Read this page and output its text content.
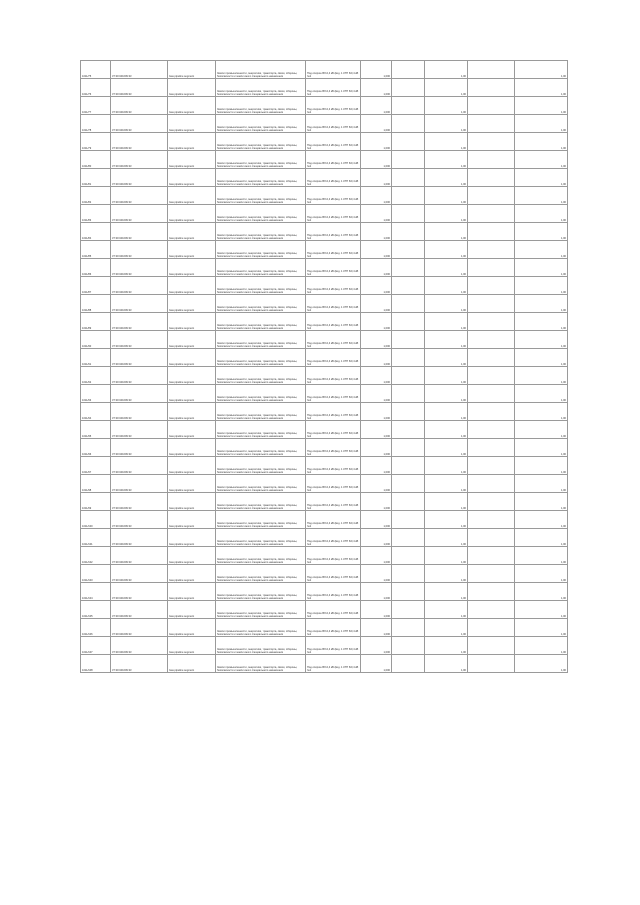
1011/75	37:30:041609:33	Gas pipeline segment	Земли промышленности, энергетики, транспорта, связи, обороны, безопасности и земли иного специального назначения	Под опорою ВЛ-0,4 кВ фид. 1 КТП 6/0,4 кВ №1	1,000		1,00		1,00
1011/76	37:30:041609:33	Gas pipeline segment	Земли промышленности, энергетики, транспорта, связи, обороны, безопасности и земли иного специального назначения	Под опорою ВЛ-0,4 кВ фид. 1 КТП 6/0,4 кВ №1	1,000		1,00		1,00
1011/77	37:30:041609:33	Gas pipeline segment	Земли промышленности, энергетики, транспорта, связи, обороны, безопасности и земли иного специального назначения	Под опорою ВЛ-0,4 кВ фид. 1 КТП 6/0,4 кВ №1	1,000		1,00		1,00
1011/78	37:30:041609:33	Gas pipeline segment	Земли промышленности, энергетики, транспорта, связи, обороны, безопасности и земли иного специального назначения	Под опорою ВЛ-0,4 кВ фид. 1 КТП 6/0,4 кВ №1	1,000		1,00		1,00
1011/79	37:30:041609:33	Gas pipeline segment	Земли промышленности, энергетики, транспорта, связи, обороны, безопасности и земли иного специального назначения	Под опорою ВЛ-0,4 кВ фид. 1 КТП 6/0,4 кВ №1	1,000		1,00		1,00
1011/80	37:30:041609:33	Gas pipeline segment	Земли промышленности, энергетики, транспорта, связи, обороны, безопасности и земли иного специального назначения	Под опорою ВЛ-0,4 кВ фид. 1 КТП 6/0,4 кВ №1	1,000		1,00		1,00
1011/81	37:30:041609:33	Gas pipeline segment	Земли промышленности, энергетики, транспорта, связи, обороны, безопасности и земли иного специального назначения	Под опорою ВЛ-0,4 кВ фид. 1 КТП 6/0,4 кВ №1	1,000		1,00		1,00
1011/82	37:30:041609:33	Gas pipeline segment	Земли промышленности, энергетики, транспорта, связи, обороны, безопасности и земли иного специального назначения	Под опорою ВЛ-0,4 кВ фид. 1 КТП 6/0,4 кВ №1	1,000		1,00		1,00
1011/83	37:30:041609:33	Gas pipeline segment	Земли промышленности, энергетики, транспорта, связи, обороны, безопасности и земли иного специального назначения	Под опорою ВЛ-0,4 кВ фид. 1 КТП 6/0,4 кВ №1	1,000		1,00		1,00
1011/84	37:30:041609:33	Gas pipeline segment	Земли промышленности, энергетики, транспорта, связи, обороны, безопасности и земли иного специального назначения	Под опорою ВЛ-0,4 кВ фид. 1 КТП 6/0,4 кВ №1	1,000		1,00		1,00
1011/85	37:30:041609:33	Gas pipeline segment	Земли промышленности, энергетики, транспорта, связи, обороны, безопасности и земли иного специального назначения	Под опорою ВЛ-0,4 кВ фид. 1 КТП 6/0,4 кВ №1	1,000		1,00		1,00
1011/86	37:30:041609:33	Gas pipeline segment	Земли промышленности, энергетики, транспорта, связи, обороны, безопасности и земли иного специального назначения	Под опорою ВЛ-0,4 кВ фид. 1 КТП 6/0,4 кВ №1	1,000		1,00		1,00
1011/87	37:30:041609:33	Gas pipeline segment	Земли промышленности, энергетики, транспорта, связи, обороны, безопасности и земли иного специального назначения	Под опорою ВЛ-0,4 кВ фид. 1 КТП 6/0,4 кВ №1	1,000		1,00		1,00
1011/88	37:30:041609:33	Gas pipeline segment	Земли промышленности, энергетики, транспорта, связи, обороны, безопасности и земли иного специального назначения	Под опорою ВЛ-0,4 кВ фид. 1 КТП 6/0,4 кВ №1	1,000		1,00		1,00
1011/89	37:30:041609:33	Gas pipeline segment	Земли промышленности, энергетики, транспорта, связи, обороны, безопасности и земли иного специального назначения	Под опорою ВЛ-0,4 кВ фид. 1 КТП 6/0,4 кВ №1	1,000		1,00		1,00
1011/90	37:30:041609:33	Gas pipeline segment	Земли промышленности, энергетики, транспорта, связи, обороны, безопасности и земли иного специального назначения	Под опорою ВЛ-0,4 кВ фид. 1 КТП 6/0,4 кВ №1	1,000		1,00		1,00
1011/91	37:30:041609:33	Gas pipeline segment	Земли промышленности, энергетики, транспорта, связи, обороны, безопасности и земли иного специального назначения	Под опорою ВЛ-0,4 кВ фид. 1 КТП 6/0,4 кВ №1	1,000		1,00		1,00
1011/92	37:30:041609:33	Gas pipeline segment	Земли промышленности, энергетики, транспорта, связи, обороны, безопасности и земли иного специального назначения	Под опорою ВЛ-0,4 кВ фид. 1 КТП 6/0,4 кВ №1	1,000		1,00		1,00
1011/93	37:30:041609:33	Gas pipeline segment	Земли промышленности, энергетики, транспорта, связи, обороны, безопасности и земли иного специального назначения	Под опорою ВЛ-0,4 кВ фид. 1 КТП 6/0,4 кВ №1	1,000		1,00		1,00
1011/94	37:30:041609:33	Gas pipeline segment	Земли промышленности, энергетики, транспорта, связи, обороны, безопасности и земли иного специального назначения	Под опорою ВЛ-0,4 кВ фид. 1 КТП 6/0,4 кВ №1	1,000		1,00		1,00
1011/95	37:30:041609:33	Gas pipeline segment	Земли промышленности, энергетики, транспорта, связи, обороны, безопасности и земли иного специального назначения	Под опорою ВЛ-0,4 кВ фид. 1 КТП 6/0,4 кВ №1	1,000		1,00		1,00
1011/96	37:30:041609:33	Gas pipeline segment	Земли промышленности, энергетики, транспорта, связи, обороны, безопасности и земли иного специального назначения	Под опорою ВЛ-0,4 кВ фид. 1 КТП 6/0,4 кВ №1	1,000		1,00		1,00
1011/97	37:30:041609:33	Gas pipeline segment	Земли промышленности, энергетики, транспорта, связи, обороны, безопасности и земли иного специального назначения	Под опорою ВЛ-0,4 кВ фид. 1 КТП 6/0,4 кВ №1	1,000		1,00		1,00
1011/98	37:30:041609:33	Gas pipeline segment	Земли промышленности, энергетики, транспорта, связи, обороны, безопасности и земли иного специального назначения	Под опорою ВЛ-0,4 кВ фид. 1 КТП 6/0,4 кВ №1	1,000		1,00		1,00
1011/99	37:30:041609:33	Gas pipeline segment	Земли промышленности, энергетики, транспорта, связи, обороны, безопасности и земли иного специального назначения	Под опорою ВЛ-0,4 кВ фид. 1 КТП 6/0,4 кВ №1	1,000		1,00		1,00
1011/100	37:30:041609:33	Gas pipeline segment	Земли промышленности, энергетики, транспорта, связи, обороны, безопасности и земли иного специального назначения	Под опорою ВЛ-0,4 кВ фид. 1 КТП 6/0,4 кВ №1	1,000		1,00		1,00
1011/101	37:30:041609:33	Gas pipeline segment	Земли промышленности, энергетики, транспорта, связи, обороны, безопасности и земли иного специального назначения	Под опорою ВЛ-0,4 кВ фид. 1 КТП 6/0,4 кВ №1	1,000		1,00		1,00
1011/102	37:30:041609:33	Gas pipeline segment	Земли промышленности, энергетики, транспорта, связи, обороны, безопасности и земли иного специального назначения	Под опорою ВЛ-0,4 кВ фид. 1 КТП 6/0,4 кВ №1	1,000		1,00		1,00
1011/103	37:30:041609:33	Gas pipeline segment	Земли промышленности, энергетики, транспорта, связи, обороны, безопасности и земли иного специального назначения	Под опорою ВЛ-0,4 кВ фид. 1 КТП 6/0,4 кВ №1	1,000		1,00		1,00
1011/104	37:30:041609:33	Gas pipeline segment	Земли промышленности, энергетики, транспорта, связи, обороны, безопасности и земли иного специального назначения	Под опорою ВЛ-0,4 кВ фид. 1 КТП 6/0,4 кВ №1	1,000		1,00		1,00
1011/105	37:30:041609:33	Gas pipeline segment	Земли промышленности, энергетики, транспорта, связи, обороны, безопасности и земли иного специального назначения	Под опорою ВЛ-0,4 кВ фид. 1 КТП 6/0,4 кВ №1	1,000		1,00		1,00
1011/106	37:30:041609:33	Gas pipeline segment	Земли промышленности, энергетики, транспорта, связи, обороны, безопасности и земли иного специального назначения	Под опорою ВЛ-0,4 кВ фид. 1 КТП 6/0,4 кВ №1	1,000		1,00		1,00
1011/107	37:30:041609:33	Gas pipeline segment	Земли промышленности, энергетики, транспорта, связи, обороны, безопасности и земли иного специального назначения	Под опорою ВЛ-0,4 кВ фид. 1 КТП 6/0,4 кВ №1	1,000		1,00		1,00
1011/108	37:30:041609:33	Gas pipeline segment	Земли промышленности, энергетики, транспорта, связи, обороны, безопасности и земли иного специального назначения	Под опорою ВЛ-0,4 кВ фид. 1 КТП 6/0,4 кВ №1	1,000		1,00		1,00
